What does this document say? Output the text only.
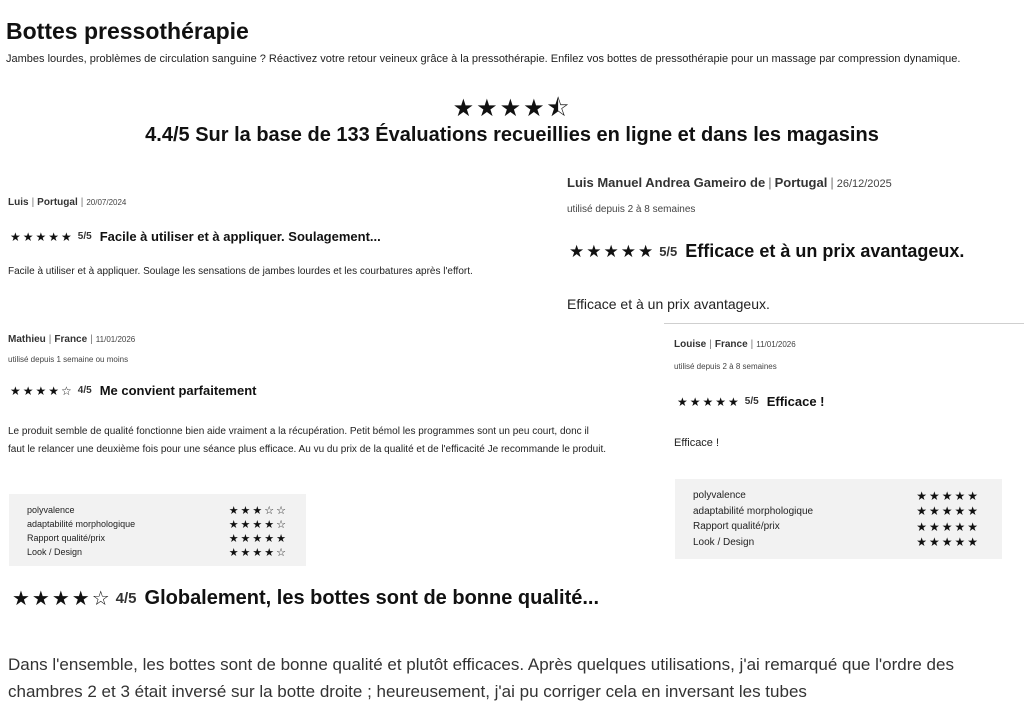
Bottes pressothérapie
Jambes lourdes, problèmes de circulation sanguine ? Réactivez votre retour veineux grâce à la pressothérapie. Enfilez vos bottes de pressothérapie pour un massage par compression dynamique.
★★★★⯪
4.4/5 Sur la base de 133 Évaluations recueillies en ligne et dans les magasins
Luis | Portugal | 20/07/2024
★★★★★ 5/5 Facile à utiliser et à appliquer. Soulagement...
Facile à utiliser et à appliquer. Soulage les sensations de jambes lourdes et les courbatures après l'effort.
Luis Manuel Andrea Gameiro de | Portugal | 26/12/2025
utilisé depuis 2 à 8 semaines
★★★★★ 5/5 Efficace et à un prix avantageux.
Efficace et à un prix avantageux.
Mathieu | France | 11/01/2026
utilisé depuis 1 semaine ou moins
★★★★☆ 4/5 Me convient parfaitement
Le produit semble de qualité fonctionne bien aide vraiment a la récupération. Petit bémol les programmes sont un peu court, donc il faut le relancer une deuxième fois pour une séance plus efficace. Au vu du prix de la qualité et de l'efficacité Je recommande le produit.
polyvalence	★★★☆☆
adaptabilité morphologique	★★★★☆
Rapport qualité/prix	★★★★★
Look / Design	★★★★☆
Louise | France | 11/01/2026
utilisé depuis 2 à 8 semaines
★★★★★ 5/5 Efficace !
Efficace !
polyvalence	★★★★★
adaptabilité morphologique	★★★★★
Rapport qualité/prix	★★★★★
Look / Design	★★★★★
★★★★☆ 4/5 Globalement, les bottes sont de bonne qualité...
Dans l'ensemble, les bottes sont de bonne qualité et plutôt efficaces. Après quelques utilisations, j'ai remarqué que l'ordre des chambres 2 et 3 était inversé sur la botte droite ; heureusement, j'ai pu corriger cela en inversant les tubes
